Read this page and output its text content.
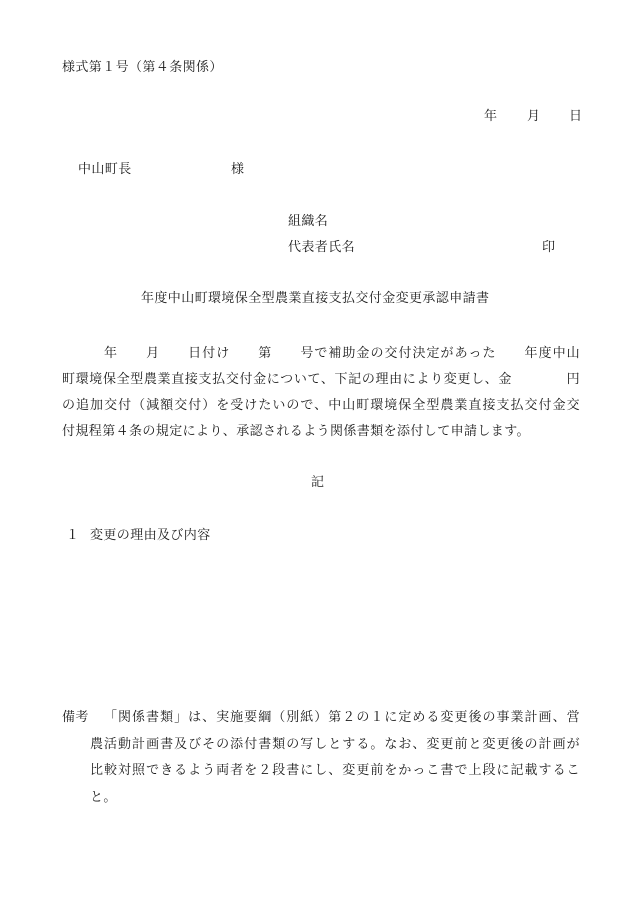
様式第１号（第４条関係）
年 月 日
中山町長	様
組織名
代表者氏名	印
年度中山町環境保全型農業直接支払交付金変更承認申請書
　　　年　　月　　日付け　　第　　号で補助金の交付決定があった　　年度中山
町環境保全型農業直接支払交付金について、下記の理由により変更し、金　　　　円
の追加交付（減額交付）を受けたいので、中山町環境保全型農業直接支払交付金交
付規程第４条の規定により、承認されるよう関係書類を添付して申請します。
記
１ 変更の理由及び内容
備考 「関係書類」は、実施要綱（別紙）第２の１に定める変更後の事業計画、営
農活動計画書及びその添付書類の写しとする。なお、変更前と変更後の計画が
比較対照できるよう両者を２段書にし、変更前をかっこ書で上段に記載するこ
と。
